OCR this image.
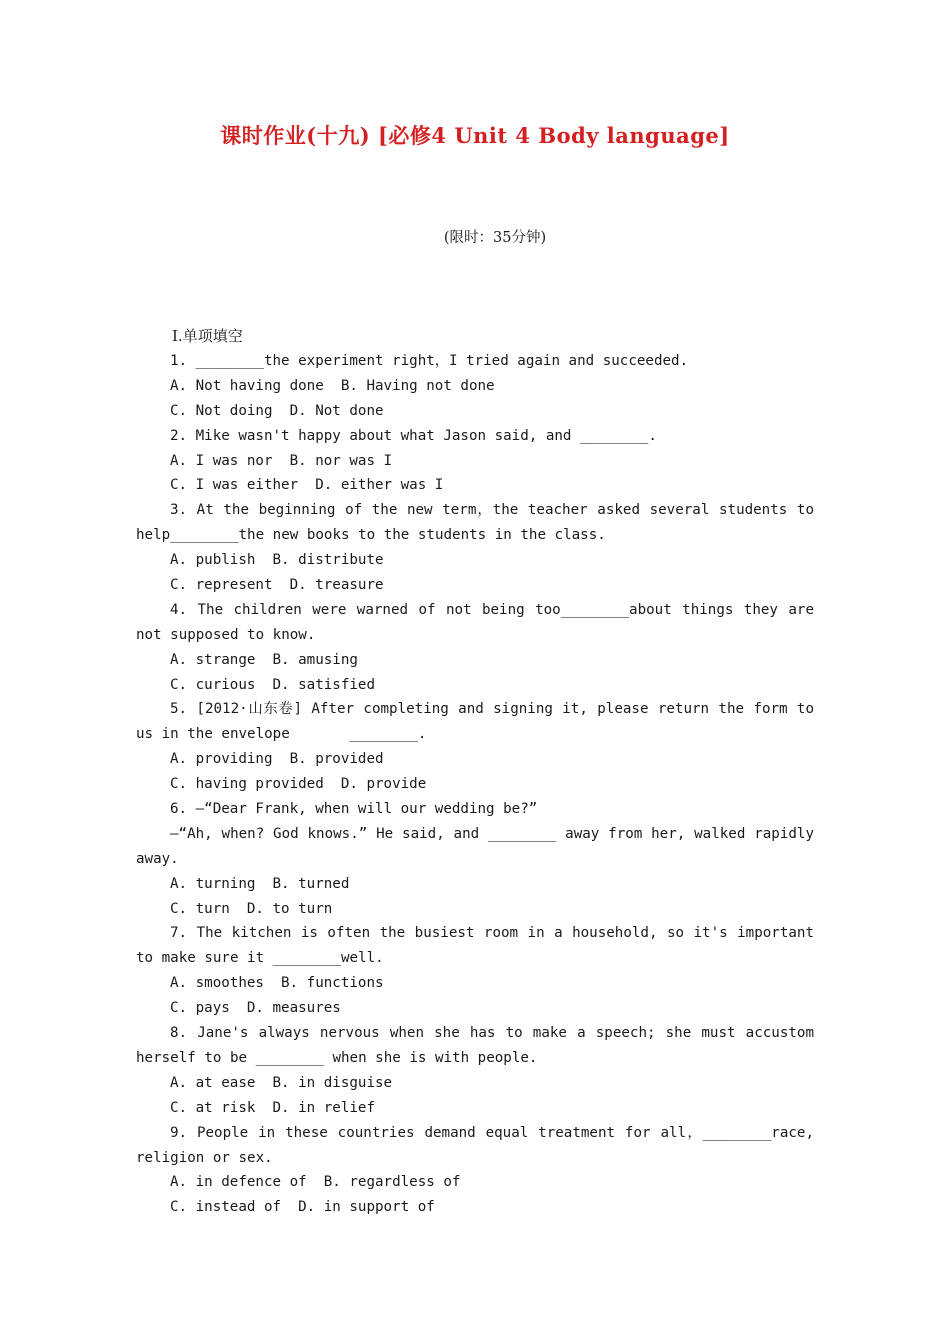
课时作业(十九) [必修4 Unit 4 Body language]
(限时：35分钟)
Ⅰ.单项填空
1. ________the experiment right，I tried again and succeeded.
A. Not having done  B. Having not done
C. Not doing  D. Not done
2. Mike wasn't happy about what Jason said, and ________.
A. I was nor  B. nor was I
C. I was either  D. either was I
3. At the beginning of the new term，the teacher asked several students to
help________the new books to the students in the class.
A. publish  B. distribute
C. represent  D. treasure
4. The children were warned of not being too________about things they are
not supposed to know.
A. strange  B. amusing
C. curious  D. satisfied
5. [2012·山东卷] After completing and signing it, please return the form to
us in the envelope       ________.
A. providing  B. provided
C. having provided  D. provide
6. —“Dear Frank, when will our wedding be?”
—“Ah, when? God knows.” He said, and ________ away from her, walked rapidly
away.
A. turning  B. turned
C. turn  D. to turn
7. The kitchen is often the busiest room in a household, so it's important
to make sure it ________well.
A. smoothes  B. functions
C. pays  D. measures
8. Jane's always nervous when she has to make a speech; she must accustom
herself to be ________ when she is with people.
A. at ease  B. in disguise
C. at risk  D. in relief
9. People in these countries demand equal treatment for all，________race,
religion or sex.
A. in defence of  B. regardless of
C. instead of  D. in support of
